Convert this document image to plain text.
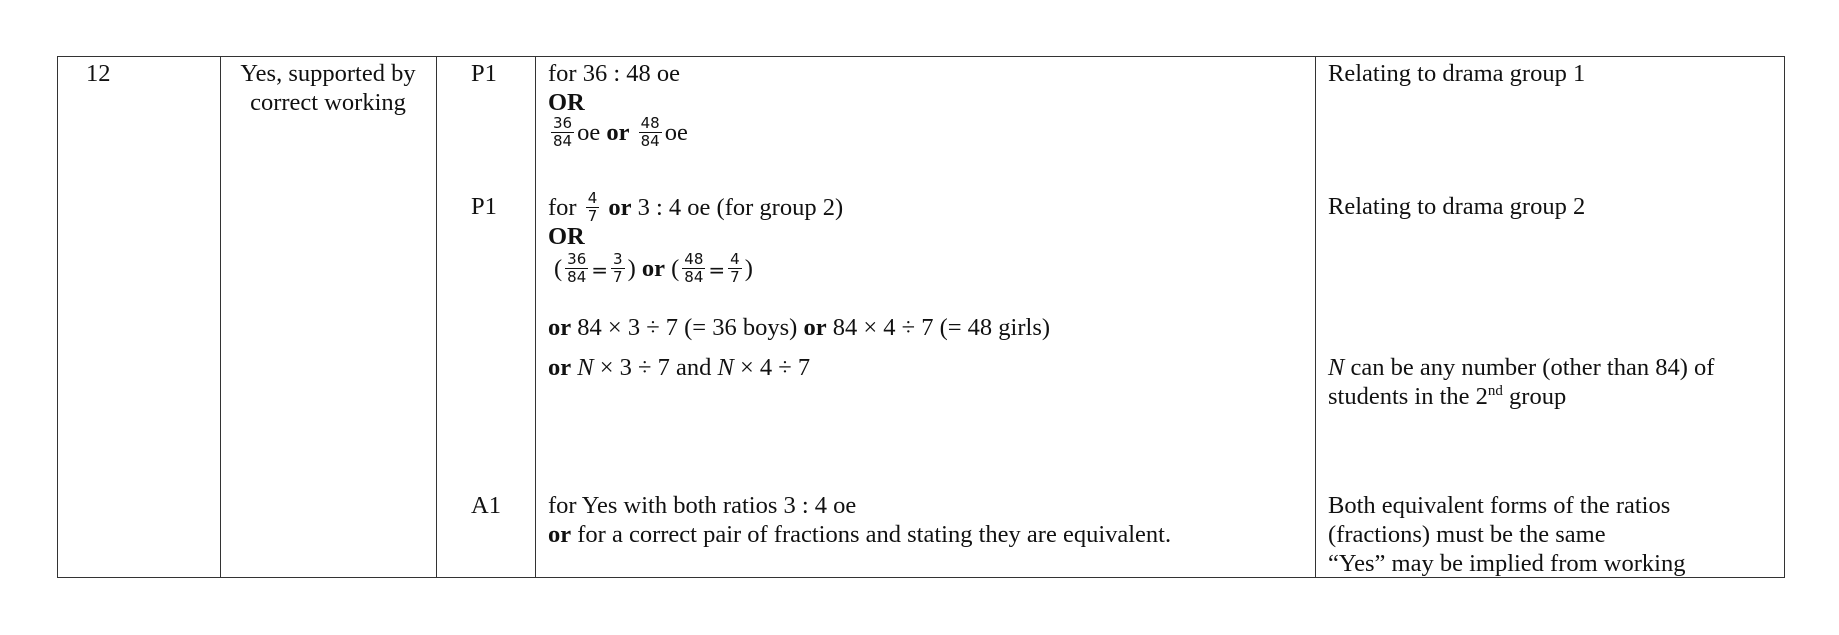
12	Yes, supported by
correct working
P1
P1
A1
for 36 : 48 oe
OR
$\frac{36}{84}$ oe or $\frac{48}{84}$ oe
for $\frac{4}{7}$ or 3 : 4 oe (for group 2)
OR
( $\frac{36}{84} = \frac{3}{7}$ ) or ( $\frac{48}{84} = \frac{4}{7}$ )
or 84 × 3 ÷ 7 (= 36 boys) or 84 × 4 ÷ 7 (= 48 girls)
or N × 3 ÷ 7 and N × 4 ÷ 7
for Yes with both ratios 3 : 4 oe
or for a correct pair of fractions and stating they are equivalent.
Relating to drama group 1
Relating to drama group 2
N can be any number (other than 84) of
students in the 2nd group
Both equivalent forms of the ratios
(fractions) must be the same
“Yes” may be implied from working
